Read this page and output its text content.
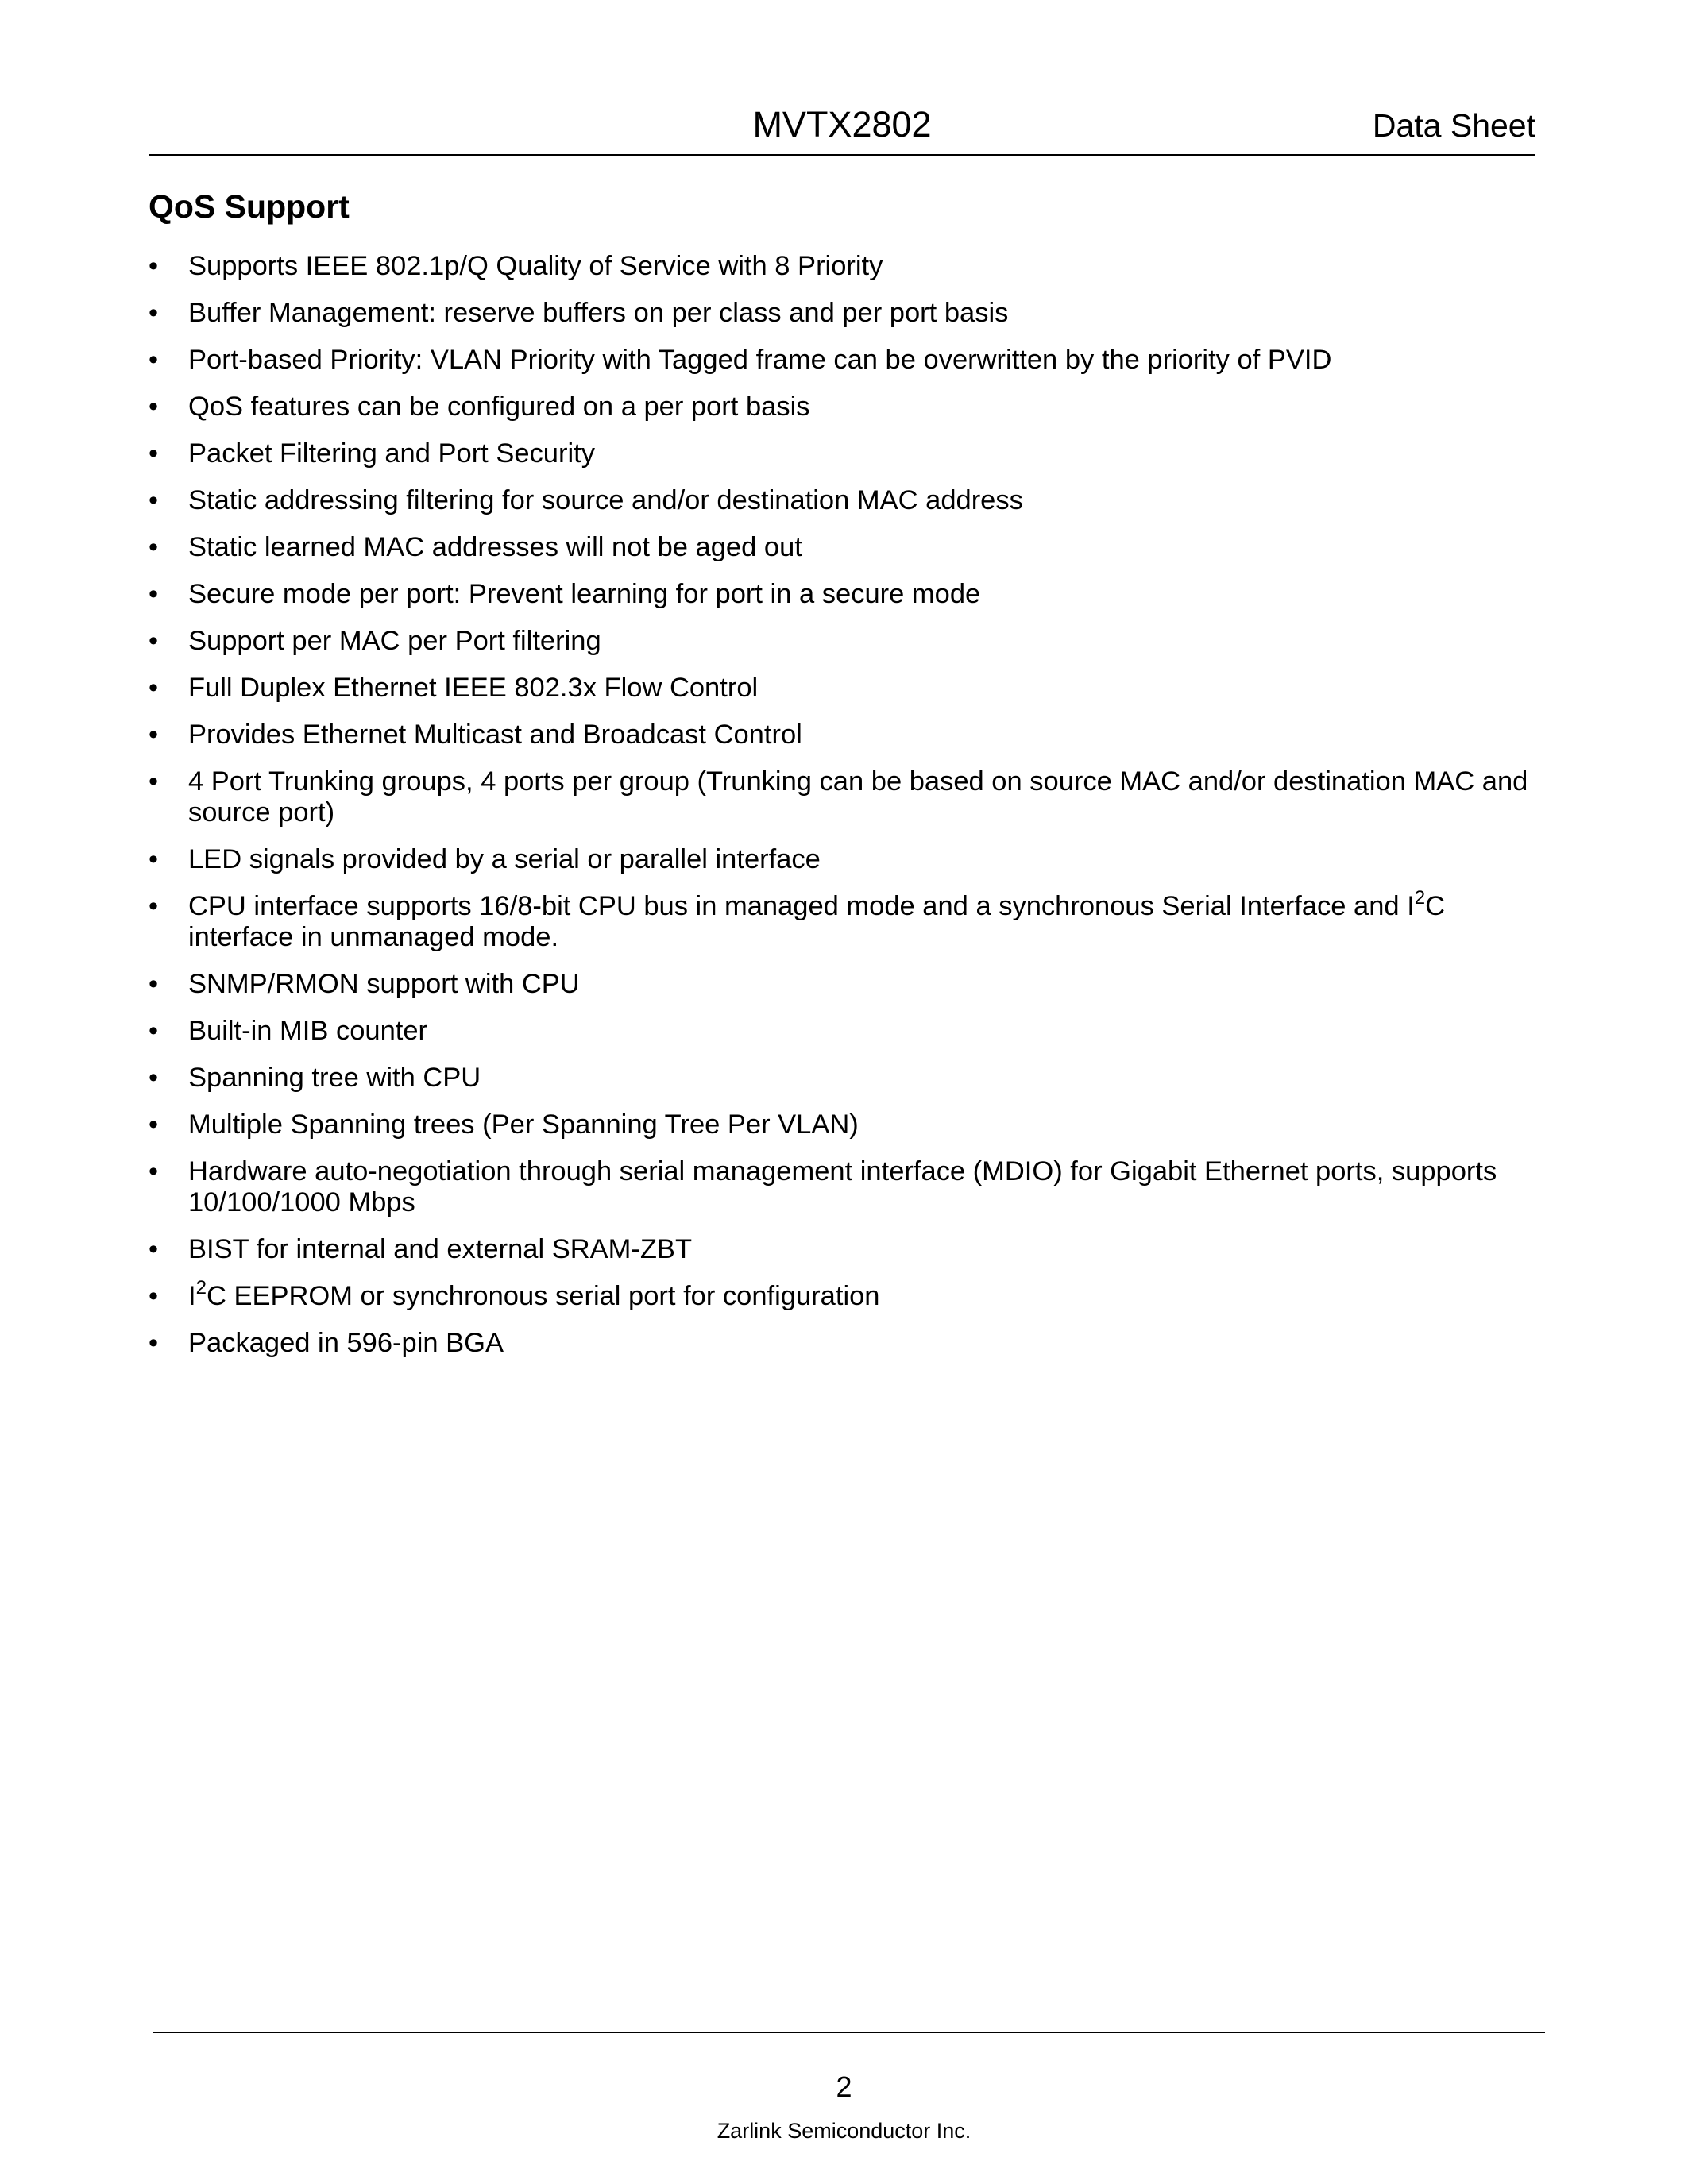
MVTX2802	Data Sheet
QoS Support
• Supports IEEE 802.1p/Q Quality of Service with 8 Priority
• Buffer Management: reserve buffers on per class and per port basis
• Port-based Priority: VLAN Priority with Tagged frame can be overwritten by the priority of PVID
• QoS features can be configured on a per port basis
• Packet Filtering and Port Security
• Static addressing filtering for source and/or destination MAC address
• Static learned MAC addresses will not be aged out
• Secure mode per port: Prevent learning for port in a secure mode
• Support per MAC per Port filtering
• Full Duplex Ethernet IEEE 802.3x Flow Control
• Provides Ethernet Multicast and Broadcast Control
• 4 Port Trunking groups, 4 ports per group (Trunking can be based on source MAC and/or destination MAC and source port)
• LED signals provided by a serial or parallel interface
• CPU interface supports 16/8-bit CPU bus in managed mode and a synchronous Serial Interface and $I^2C$ interface in unmanaged mode.
• SNMP/RMON support with CPU
• Built-in MIB counter
• Spanning tree with CPU
• Multiple Spanning trees (Per Spanning Tree Per VLAN)
• Hardware auto-negotiation through serial management interface (MDIO) for Gigabit Ethernet ports, supports 10/100/1000 Mbps
• BIST for internal and external SRAM-ZBT
• $I^2C$ EEPROM or synchronous serial port for configuration
• Packaged in 596-pin BGA
2
Zarlink Semiconductor Inc.
